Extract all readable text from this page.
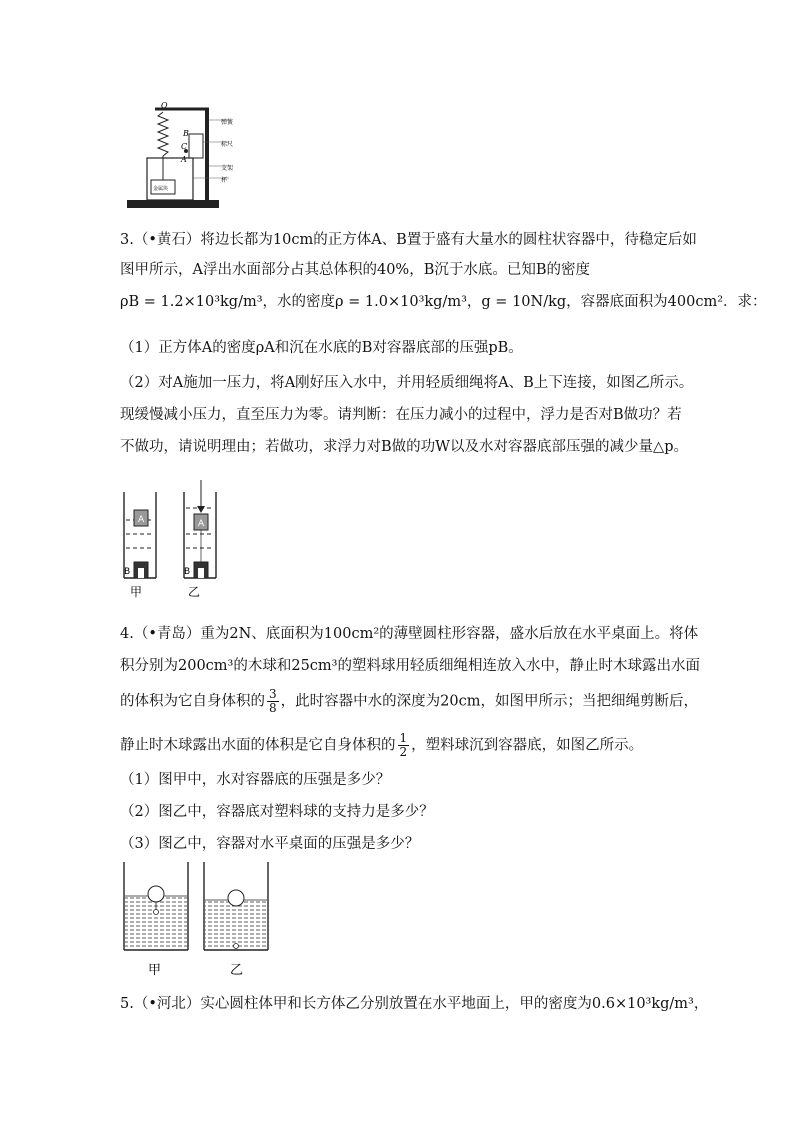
O
B
C
A
弹簧
标尺
支架
杯
金属块
3.（•黄石）将边长都为10cm的正方体A、B置于盛有大量水的圆柱状容器中，待稳定后如
图甲所示，A浮出水面部分占其总体积的40%，B沉于水底。已知B的密度
ρB = 1.2×10³kg/m³，水的密度ρ = 1.0×10³kg/m³，g = 10N/kg，容器底面积为400cm²．求：
（1）正方体A的密度ρA和沉在水底的B对容器底部的压强pB。
（2）对A施加一压力，将A刚好压入水中，并用轻质细绳将A、B上下连接，如图乙所示。
现缓慢减小压力，直至压力为零。请判断：在压力减小的过程中，浮力是否对B做功？若
不做功，请说明理由；若做功，求浮力对B做的功W以及水对容器底部压强的减少量△p。
A
B
A
B
甲	乙
4.（•青岛）重为2N、底面积为100cm²的薄壁圆柱形容器，盛水后放在水平桌面上。将体
积分别为200cm³的木球和25cm³的塑料球用轻质细绳相连放入水中，静止时木球露出水面
的体积为它自身体积的 $\frac{3}{8}$ ，此时容器中水的深度为20cm，如图甲所示；当把细绳剪断后，
静止时木球露出水面的体积是它自身体积的 $\frac{1}{2}$ ，塑料球沉到容器底，如图乙所示。
（1）图甲中，水对容器底的压强是多少？
（2）图乙中，容器底对塑料球的支持力是多少？
（3）图乙中，容器对水平桌面的压强是多少？
甲	乙
5.（•河北）实心圆柱体甲和长方体乙分别放置在水平地面上，甲的密度为0.6×10³kg/m³，
